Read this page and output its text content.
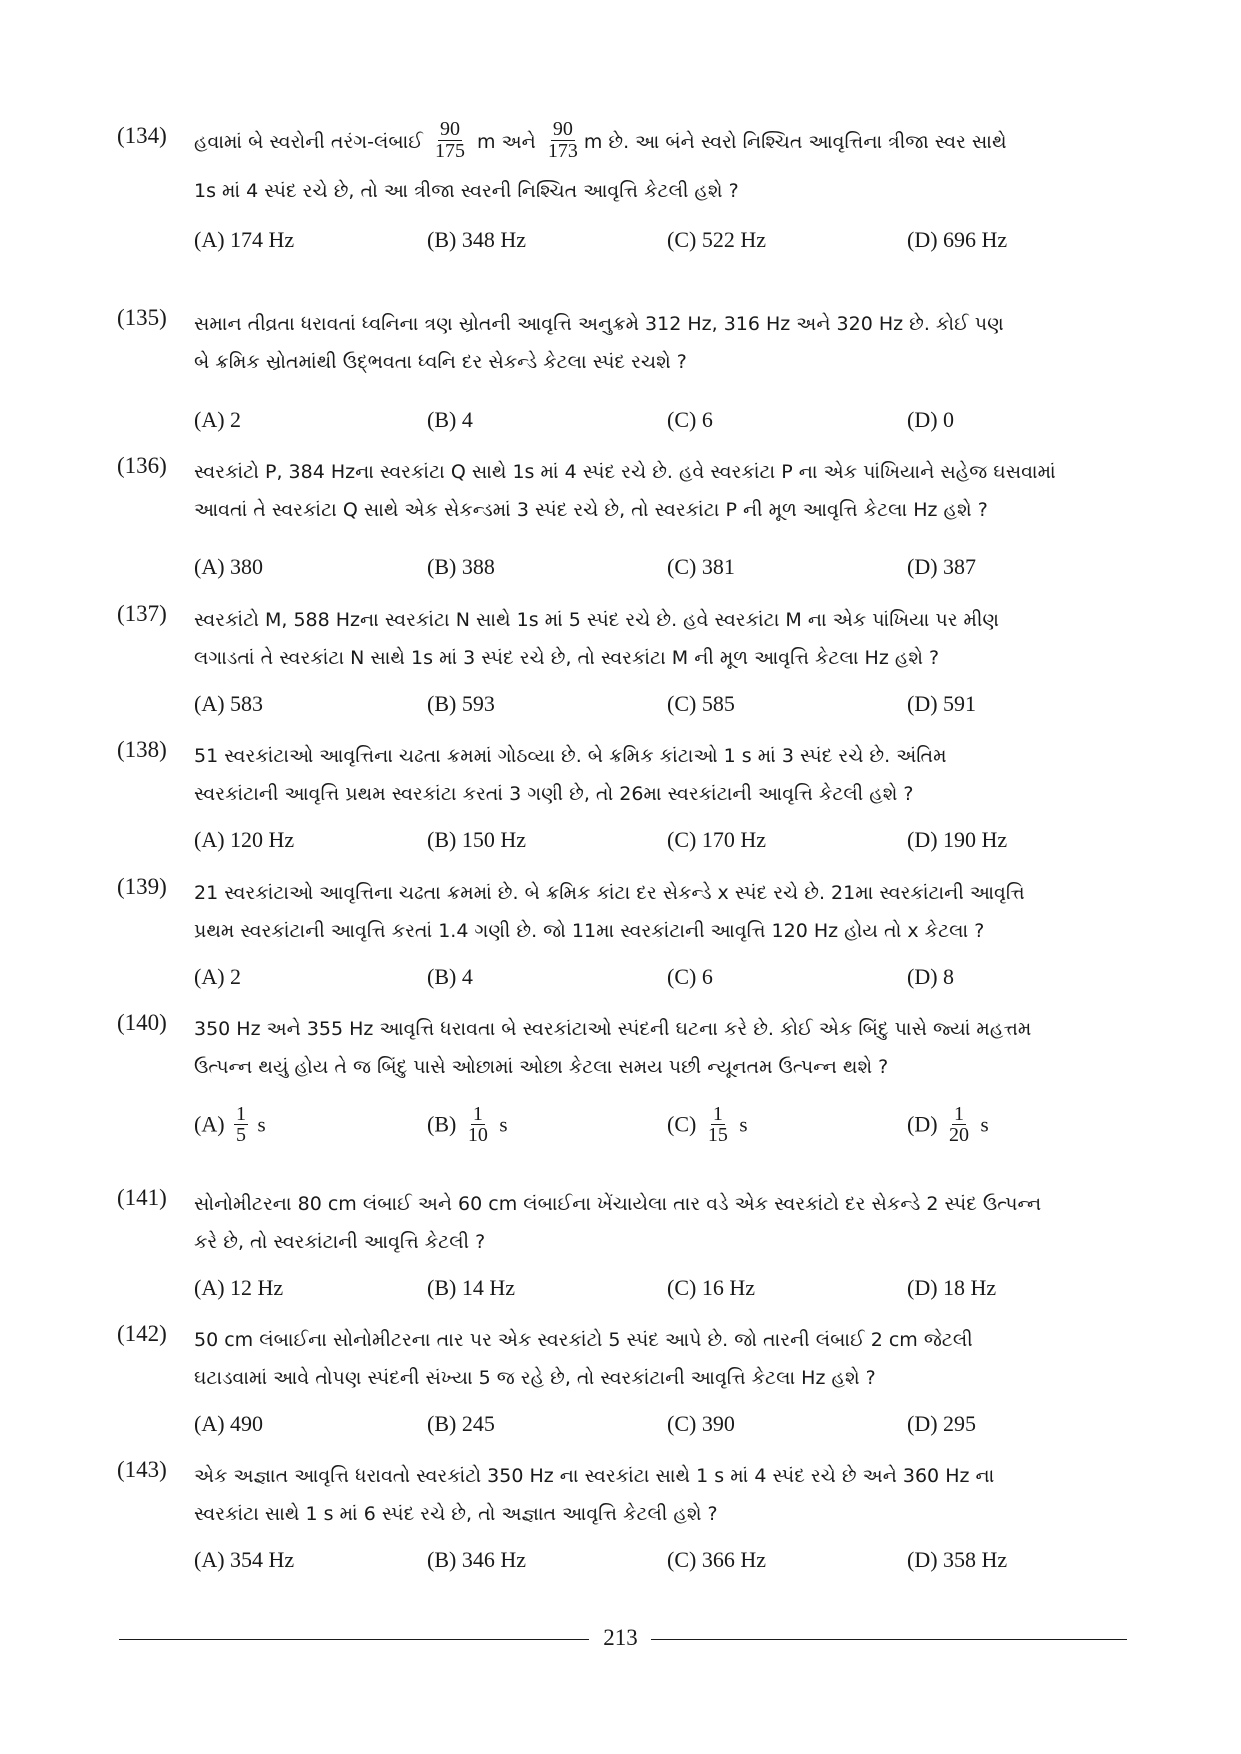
(134) હવામાં બે સ્વરોની તરંગ-લંબાઈ $\frac{90}{175}$ m અને $\frac{90}{173}$ m છે. આ બંને સ્વરો નિશ્ચિત આવૃત્તિના ત્રીજા સ્વર સાથે
1s માં 4 સ્પંદ રચે છે, તો આ ત્રીજા સ્વરની નિશ્ચિત આવૃત્તિ કેટલી હશે ?
(A) 174 Hz	(B) 348 Hz	(C) 522 Hz	(D) 696 Hz
(135) સમાન તીવ્રતા ધરાવતાં ધ્વનિના ત્રણ સ્રોતની આવૃત્તિ અનુક્રમે 312 Hz, 316 Hz અને 320 Hz છે. કોઈ પણ
બે ક્રમિક સ્રોતમાંથી ઉદ્‌ભવતા ધ્વનિ દર સેકન્ડે કેટલા સ્પંદ રચશે ?
(A) 2	(B) 4	(C) 6	(D) 0
(136) સ્વરકાંટો P, 384 Hzના સ્વરકાંટા Q સાથે 1s માં 4 સ્પંદ રચે છે. હવે સ્વરકાંટા P ના એક પાંખિયાને સહેજ ઘસવામાં
આવતાં તે સ્વરકાંટા Q સાથે એક સેકન્ડમાં 3 સ્પંદ રચે છે, તો સ્વરકાંટા P ની મૂળ આવૃત્તિ કેટલા Hz હશે ?
(A) 380	(B) 388	(C) 381	(D) 387
(137) સ્વરકાંટો M, 588 Hzના સ્વરકાંટા N સાથે 1s માં 5 સ્પંદ રચે છે. હવે સ્વરકાંટા M ના એક પાંખિયા પર મીણ
લગાડતાં તે સ્વરકાંટા N સાથે 1s માં 3 સ્પંદ રચે છે, તો સ્વરકાંટા M ની મૂળ આવૃત્તિ કેટલા Hz હશે ?
(A) 583	(B) 593	(C) 585	(D) 591
(138) 51 સ્વરકાંટાઓ આવૃત્તિના ચઢતા ક્રમમાં ગોઠવ્યા છે. બે ક્રમિક કાંટાઓ 1 s માં 3 સ્પંદ રચે છે. અંતિમ
સ્વરકાંટાની આવૃત્તિ પ્રથમ સ્વરકાંટા કરતાં 3 ગણી છે, તો 26મા સ્વરકાંટાની આવૃત્તિ કેટલી હશે ?
(A) 120 Hz	(B) 150 Hz	(C) 170 Hz	(D) 190 Hz
(139) 21 સ્વરકાંટાઓ આવૃત્તિના ચઢતા ક્રમમાં છે. બે ક્રમિક કાંટા દર સેકન્ડે x સ્પંદ રચે છે. 21મા સ્વરકાંટાની આવૃત્તિ
પ્રથમ સ્વરકાંટાની આવૃત્તિ કરતાં 1.4 ગણી છે. જો 11મા સ્વરકાંટાની આવૃત્તિ 120 Hz હોય તો x કેટલા ?
(A) 2	(B) 4	(C) 6	(D) 8
(140) 350 Hz અને 355 Hz આવૃત્તિ ધરાવતા બે સ્વરકાંટાઓ સ્પંદની ઘટના કરે છે. કોઈ એક બિંદુ પાસે જ્યાં મહત્તમ
ઉત્પન્ન થયું હોય તે જ બિંદુ પાસે ઓછામાં ઓછા કેટલા સમય પછી ન્યૂનતમ ઉત્પન્ન થશે ?
$(A) \frac{1}{5}$ s	$(B) \frac{1}{10}$ s	$(C) \frac{1}{15}$ s	$(D) \frac{1}{20}$ s
(141) સોનોમીટરના 80 cm લંબાઈ અને 60 cm લંબાઈના ખેંચાયેલા તાર વડે એક સ્વરકાંટો દર સેકન્ડે 2 સ્પંદ ઉત્પન્ન
કરે છે, તો સ્વરકાંટાની આવૃત્તિ કેટલી ?
(A) 12 Hz	(B) 14 Hz	(C) 16 Hz	(D) 18 Hz
(142) 50 cm લંબાઈના સોનોમીટરના તાર પર એક સ્વરકાંટો 5 સ્પંદ આપે છે. જો તારની લંબાઈ 2 cm જેટલી
ઘટાડવામાં આવે તોપણ સ્પંદની સંખ્યા 5 જ રહે છે, તો સ્વરકાંટાની આવૃત્તિ કેટલા Hz હશે ?
(A) 490	(B) 245	(C) 390	(D) 295
(143) એક અજ્ઞાત આવૃત્તિ ધરાવતો સ્વરકાંટો 350 Hz ના સ્વરકાંટા સાથે 1 s માં 4 સ્પંદ રચે છે અને 360 Hz ના
સ્વરકાંટા સાથે 1 s માં 6 સ્પંદ રચે છે, તો અજ્ઞાત આવૃત્તિ કેટલી હશે ?
(A) 354 Hz	(B) 346 Hz	(C) 366 Hz	(D) 358 Hz
213
